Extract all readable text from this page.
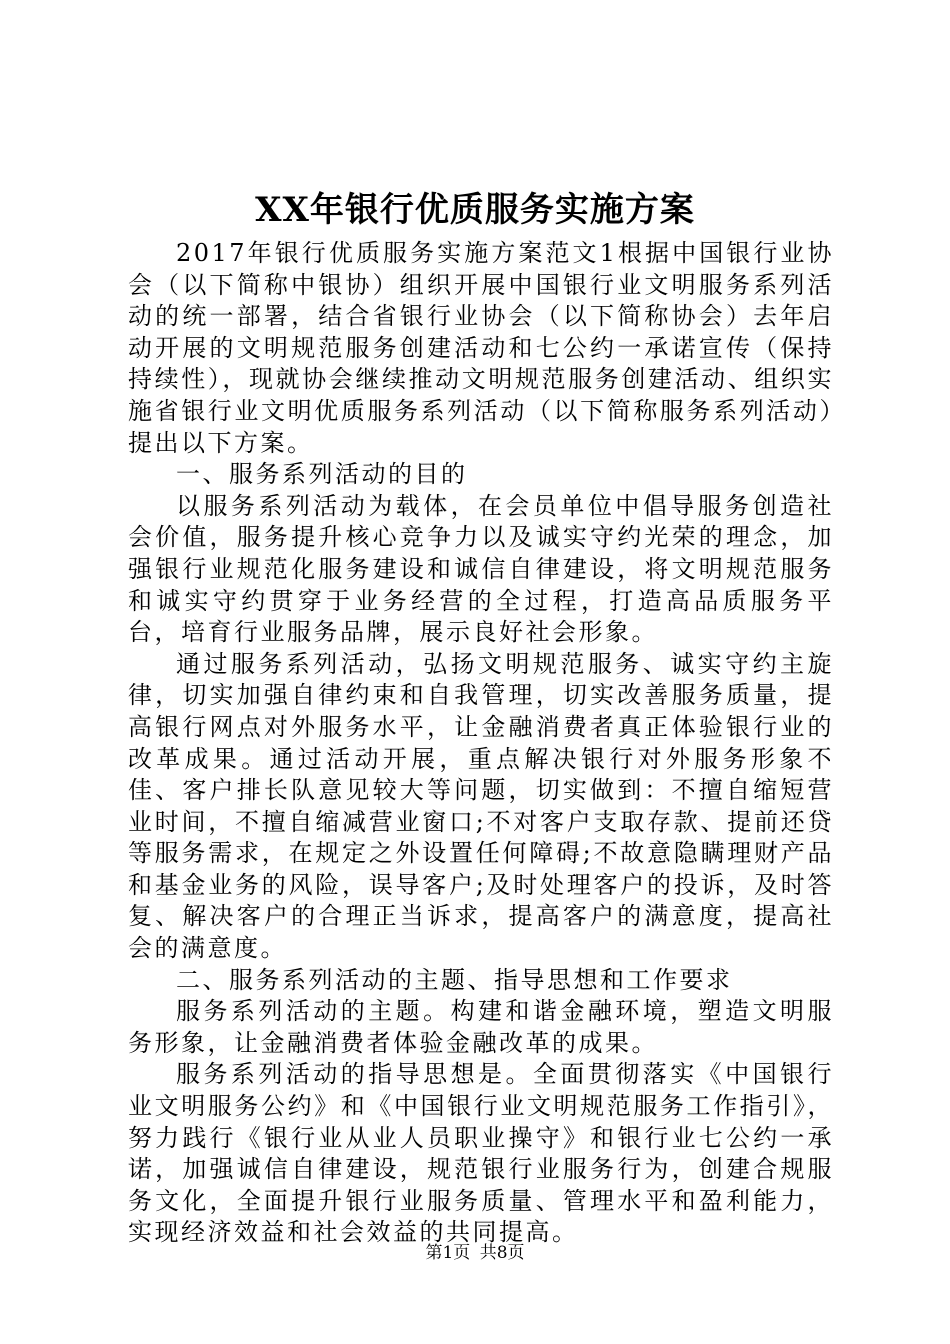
XX年银行优质服务实施方案

2017年银行优质服务实施方案范文1根据中国银行业协会（以下简称中银协）组织开展中国银行业文明服务系列活动的统一部署，结合省银行业协会（以下简称协会）去年启动开展的文明规范服务创建活动和七公约一承诺宣传（保持持续性），现就协会继续推动文明规范服务创建活动、组织实施省银行业文明优质服务系列活动（以下简称服务系列活动）提出以下方案。

一、服务系列活动的目的

以服务系列活动为载体，在会员单位中倡导服务创造社会价值，服务提升核心竞争力以及诚实守约光荣的理念，加强银行业规范化服务建设和诚信自律建设，将文明规范服务和诚实守约贯穿于业务经营的全过程，打造高品质服务平台，培育行业服务品牌，展示良好社会形象。

通过服务系列活动，弘扬文明规范服务、诚实守约主旋律，切实加强自律约束和自我管理，切实改善服务质量，提高银行网点对外服务水平，让金融消费者真正体验银行业的改革成果。通过活动开展，重点解决银行对外服务形象不佳、客户排长队意见较大等问题，切实做到：不擅自缩短营业时间，不擅自缩减营业窗口;不对客户支取存款、提前还贷等服务需求，在规定之外设置任何障碍;不故意隐瞒理财产品和基金业务的风险，误导客户;及时处理客户的投诉，及时答复、解决客户的合理正当诉求，提高客户的满意度，提高社会的满意度。

二、服务系列活动的主题、指导思想和工作要求

服务系列活动的主题。构建和谐金融环境，塑造文明服务形象，让金融消费者体验金融改革的成果。

服务系列活动的指导思想是。全面贯彻落实《中国银行业文明服务公约》和《中国银行业文明规范服务工作指引》，努力践行《银行业从业人员职业操守》和银行业七公约一承诺，加强诚信自律建设，规范银行业服务行为，创建合规服务文化，全面提升银行业服务质量、管理水平和盈利能力，实现经济效益和社会效益的共同提高。

第1页 共8页
